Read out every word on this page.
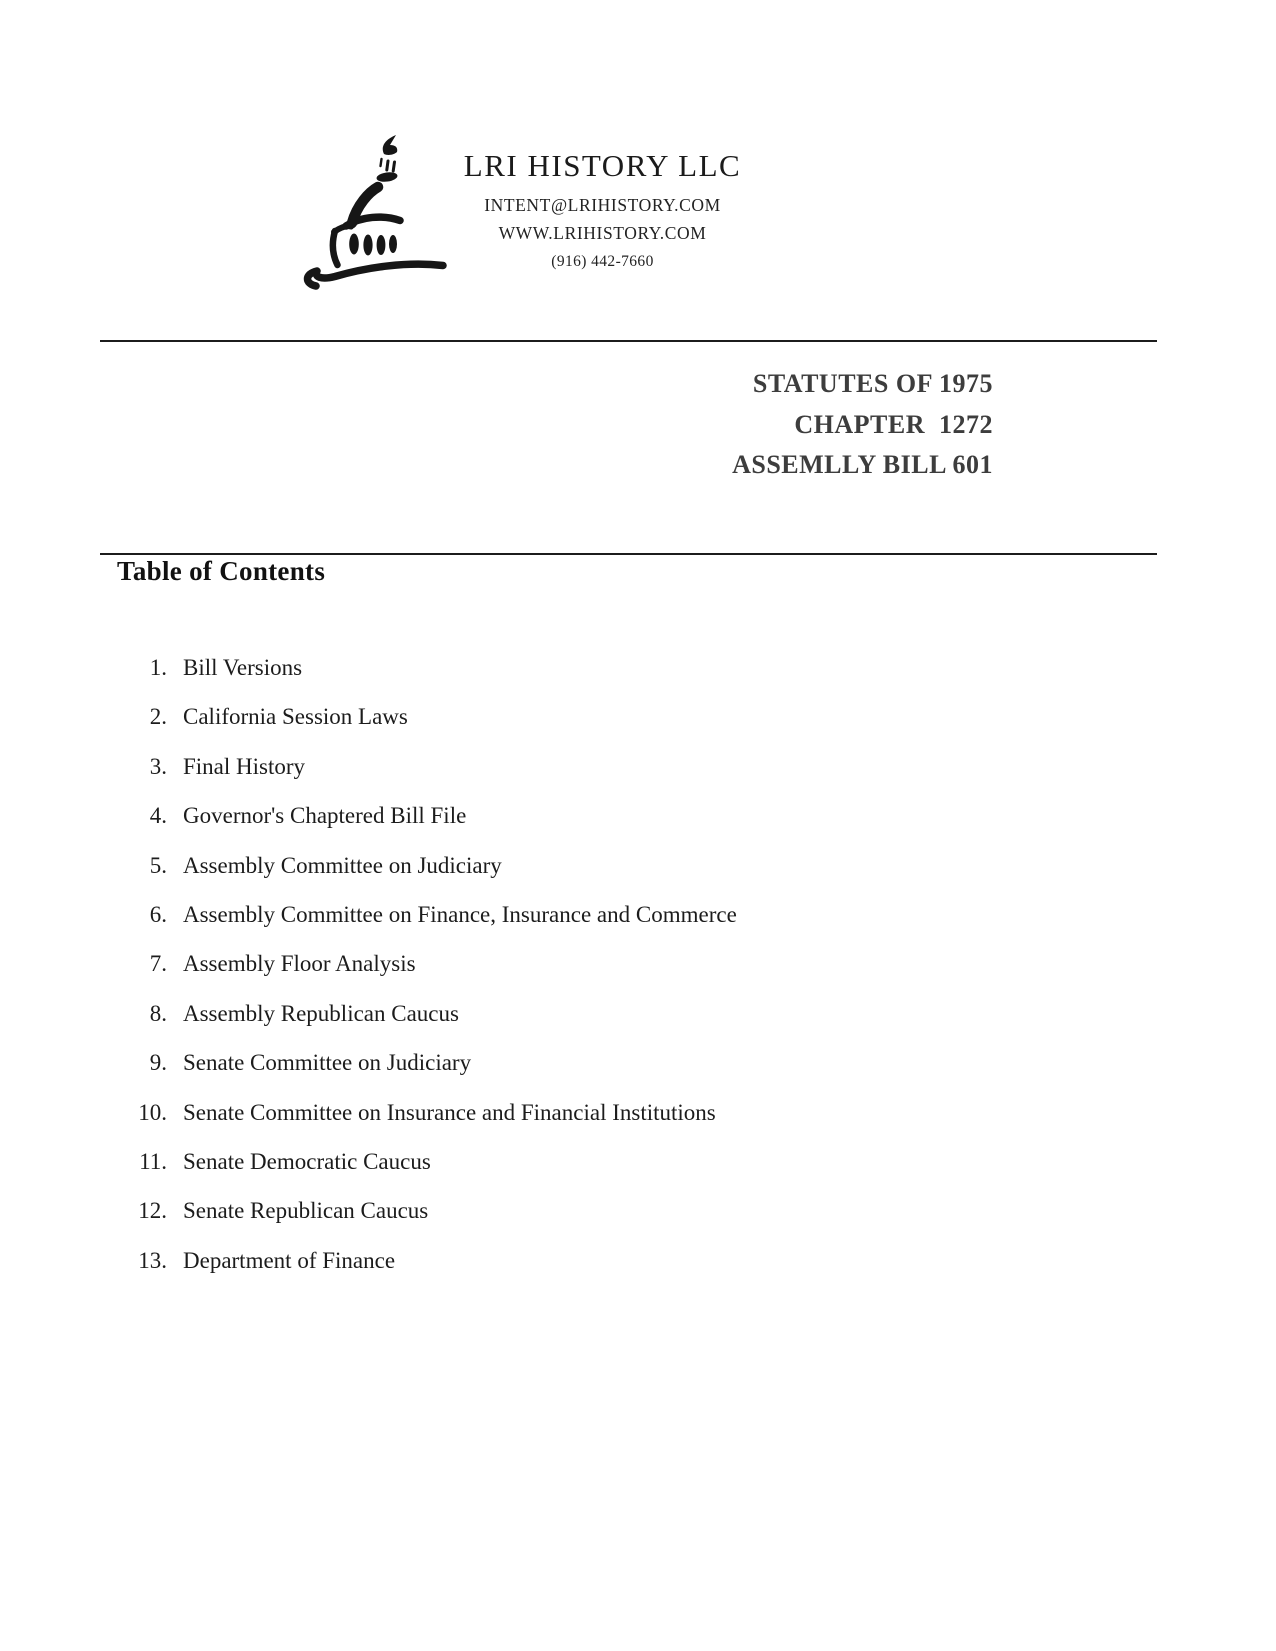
LRI HISTORY LLC
INTENT@LRIHISTORY.COM
WWW.LRIHISTORY.COM
(916) 442-7660
STATUTES OF 1975
CHAPTER  1272
ASSEMLLY BILL 601
Table of Contents
1. Bill Versions
2. California Session Laws
3. Final History
4. Governor's Chaptered Bill File
5. Assembly Committee on Judiciary
6. Assembly Committee on Finance, Insurance and Commerce
7. Assembly Floor Analysis
8. Assembly Republican Caucus
9. Senate Committee on Judiciary
10. Senate Committee on Insurance and Financial Institutions
11. Senate Democratic Caucus
12. Senate Republican Caucus
13. Department of Finance
